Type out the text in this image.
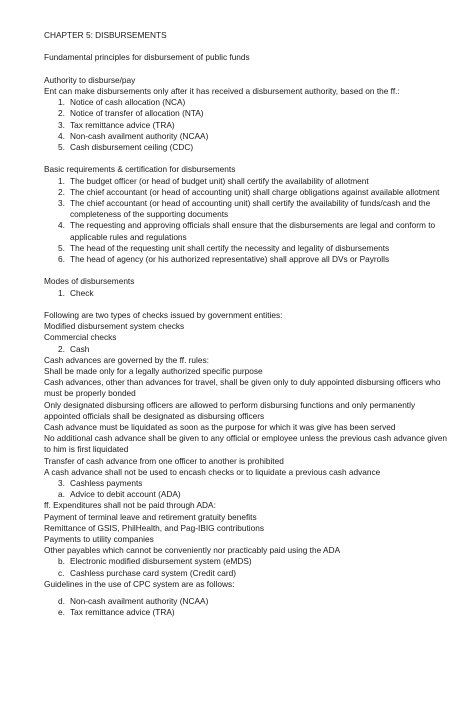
CHAPTER 5: DISBURSEMENTS

Fundamental principles for disbursement of public funds

Authority to disburse/pay

Ent can make disbursements only after it has received a disbursement authority, based on the ff.:

1. Notice of cash allocation (NCA)
2. Notice of transfer of allocation (NTA)
3. Tax remittance advice (TRA)
4. Non-cash availment authority (NCAA)
5. Cash disbursement ceiling (CDC)

Basic requirements & certification for disbursements

1. The budget officer (or head of budget unit) shall certify the availability of allotment
2. The chief accountant (or head of accounting unit) shall charge obligations against available allotment
3. The chief accountant (or head of accounting unit) shall certify the availability of funds/cash and the completeness of the supporting documents
4. The requesting and approving officials shall ensure that the disbursements are legal and conform to applicable rules and regulations
5. The head of the requesting unit shall certify the necessity and legality of disbursements
6. The head of agency (or his authorized representative) shall approve all DVs or Payrolls

Modes of disbursements

1. Check

Following are two types of checks issued by government entities:

Modified disbursement system checks

Commercial checks

2. Cash

Cash advances are governed by the ff. rules:

Shall be made only for a legally authorized specific purpose

Cash advances, other than advances for travel, shall be given only to duly appointed disbursing officers who must be properly bonded

Only designated disbursing officers are allowed to perform disbursing functions and only permanently appointed officials shall be designated as disbursing officers

Cash advance must be liquidated as soon as the purpose for which it was give has been served

No additional cash advance shall be given to any official or employee unless the previous cash advance given to him is first liquidated

Transfer of cash advance from one officer to another is prohibited

A cash advance shall not be used to encash checks or to liquidate a previous cash advance

3. Cashless payments
a. Advice to debit account (ADA)

ff. Expenditures shall not be paid through ADA:

Payment of terminal leave and retirement gratuity benefits

Remittance of GSIS, PhilHealth, and Pag-IBIG contributions

Payments to utility companies

Other payables which cannot be conveniently nor practicably paid using the ADA

b. Electronic modified disbursement system (eMDS)
c. Cashless purchase card system (Credit card)

Guidelines in the use of CPC system are as follows:

d. Non-cash availment authority (NCAA)
e. Tax remittance advice (TRA)
